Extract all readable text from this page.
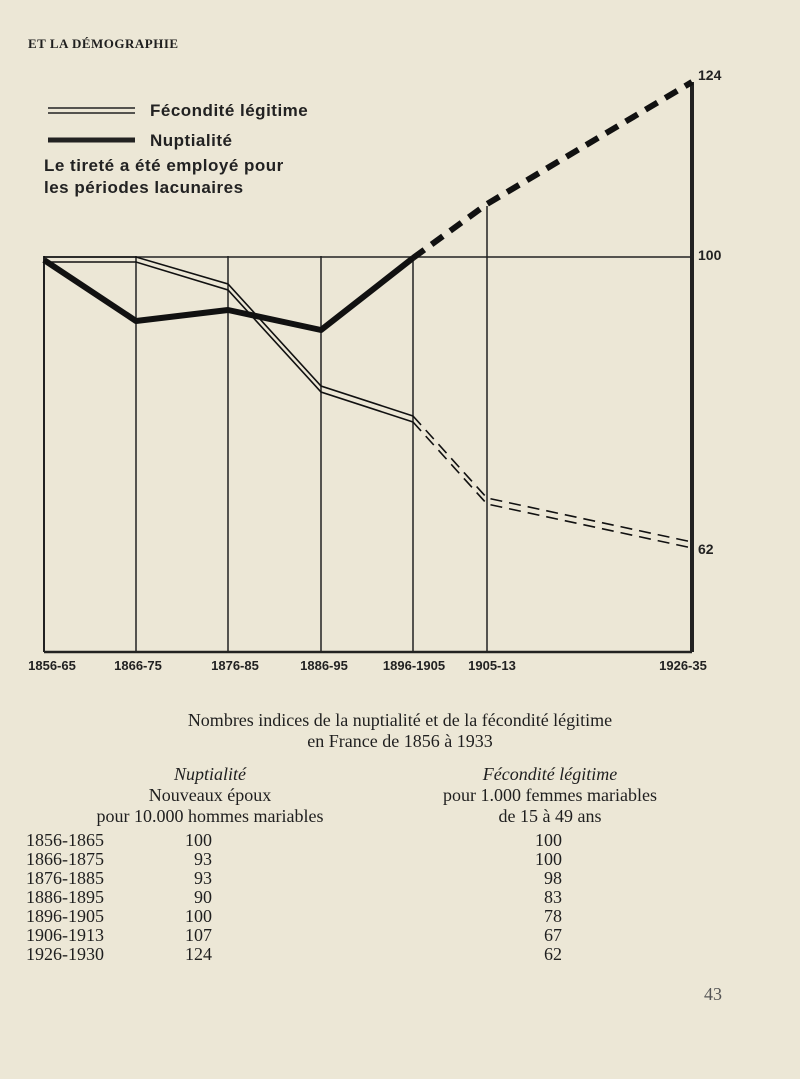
ET LA DÉMOGRAPHIE
Fécondité légitime
Nuptialité
Le tireté a été employé pour
les périodes lacunaires
124
100
62
1856-65	1866-75	1876-85	1886-95	1896-1905 1905-13	1926-35
Nombres indices de la nuptialité et de la fécondité légitime
en France de 1856 à 1933
Nuptialité
Nouveaux époux
pour 10.000 hommes mariables
Fécondité légitime
pour 1.000 femmes mariables
de 15 à 49 ans
1856-1865	100	100
1866-1875	93	100
1876-1885	93	98
1886-1895	90	83
1896-1905	100	78
1906-1913	107	67
1926-1930	124	62
43
